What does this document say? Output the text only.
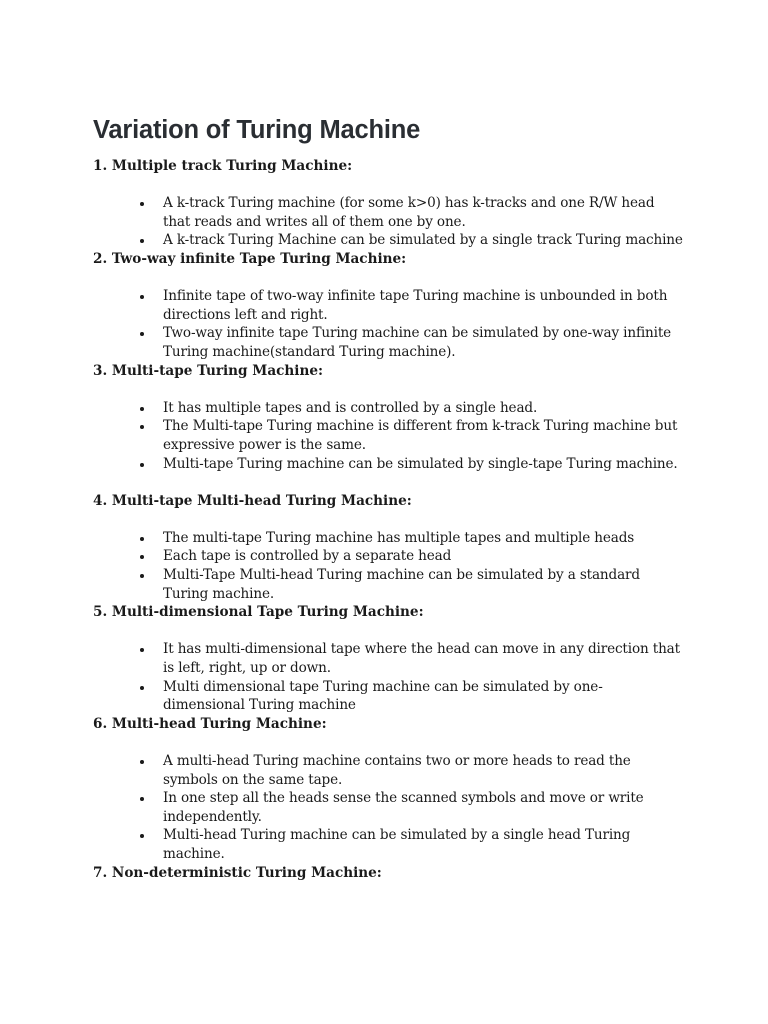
Variation of Turing Machine

1. Multiple track Turing Machine:

A k-track Turing machine (for some k>0) has k-tracks and one R/W head that reads and writes all of them one by one.
A k-track Turing Machine can be simulated by a single track Turing machine

2. Two-way infinite Tape Turing Machine:

Infinite tape of two-way infinite tape Turing machine is unbounded in both directions left and right.
Two-way infinite tape Turing machine can be simulated by one-way infinite Turing machine(standard Turing machine).

3. Multi-tape Turing Machine:

It has multiple tapes and is controlled by a single head.
The Multi-tape Turing machine is different from k-track Turing machine but expressive power is the same.
Multi-tape Turing machine can be simulated by single-tape Turing machine.

4. Multi-tape Multi-head Turing Machine:

The multi-tape Turing machine has multiple tapes and multiple heads
Each tape is controlled by a separate head
Multi-Tape Multi-head Turing machine can be simulated by a standard Turing machine.

5. Multi-dimensional Tape Turing Machine:

It has multi-dimensional tape where the head can move in any direction that is left, right, up or down.
Multi dimensional tape Turing machine can be simulated by one-dimensional Turing machine

6. Multi-head Turing Machine:

A multi-head Turing machine contains two or more heads to read the symbols on the same tape.
In one step all the heads sense the scanned symbols and move or write independently.
Multi-head Turing machine can be simulated by a single head Turing machine.

7. Non-deterministic Turing Machine:
